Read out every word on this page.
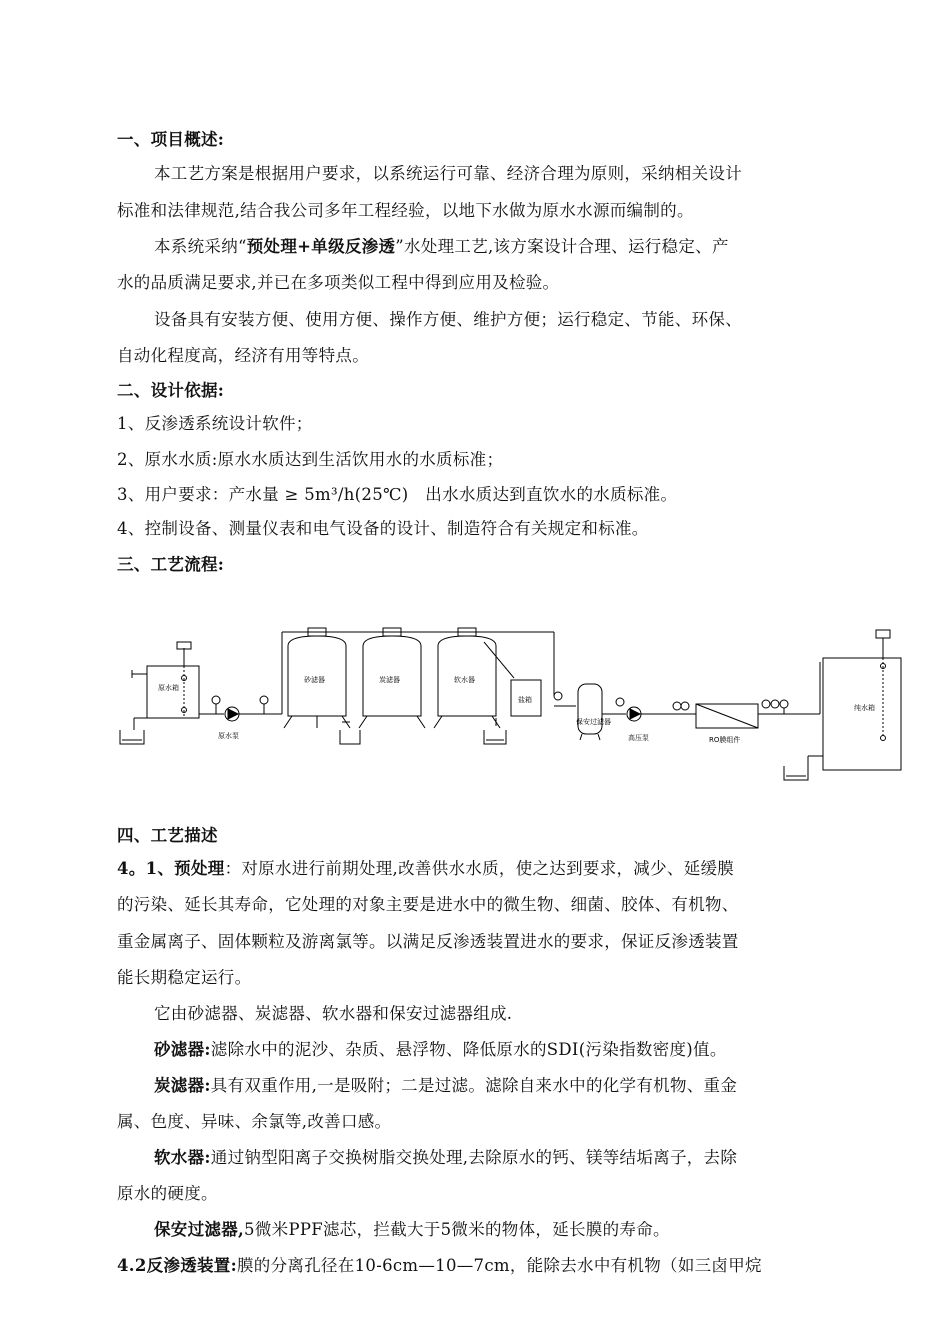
一、项目概述:
本工艺方案是根据用户要求，以系统运行可靠、经济合理为原则，采纳相关设计
标准和法律规范,结合我公司多年工程经验，以地下水做为原水水源而编制的。
本系统采纳“预处理+单级反渗透”水处理工艺,该方案设计合理、运行稳定、产
水的品质满足要求,并已在多项类似工程中得到应用及检验。
设备具有安装方便、使用方便、操作方便、维护方便；运行稳定、节能、环保、
自动化程度高，经济有用等特点。
二、设计依据:
1、反渗透系统设计软件；
2、原水水质:原水水质达到生活饮用水的水质标准；
3、用户要求：产水量 ≥ 5m³/h(25℃)　出水水质达到直饮水的水质标准。
4、控制设备、测量仪表和电气设备的设计、制造符合有关规定和标准。
三、工艺流程:
原水箱
原水泵
砂滤器	炭滤器	软水器
盐箱
保安过滤器
高压泵	RO膜组件
纯水箱
四、工艺描述
4。1、预处理：对原水进行前期处理,改善供水水质，使之达到要求，减少、延缓膜
的污染、延长其寿命，它处理的对象主要是进水中的微生物、细菌、胶体、有机物、
重金属离子、固体颗粒及游离氯等。以满足反渗透装置进水的要求，保证反渗透装置
能长期稳定运行。
它由砂滤器、炭滤器、软水器和保安过滤器组成.
砂滤器:滤除水中的泥沙、杂质、悬浮物、降低原水的SDI(污染指数密度)值。
炭滤器:具有双重作用,一是吸附；二是过滤。滤除自来水中的化学有机物、重金
属、色度、异味、余氯等,改善口感。
软水器:通过钠型阳离子交换树脂交换处理,去除原水的钙、镁等结垢离子，去除
原水的硬度。
保安过滤器,5微米PPF滤芯，拦截大于5微米的物体，延长膜的寿命。
4.2反渗透装置:膜的分离孔径在10-6cm—10—7cm，能除去水中有机物（如三卤甲烷
